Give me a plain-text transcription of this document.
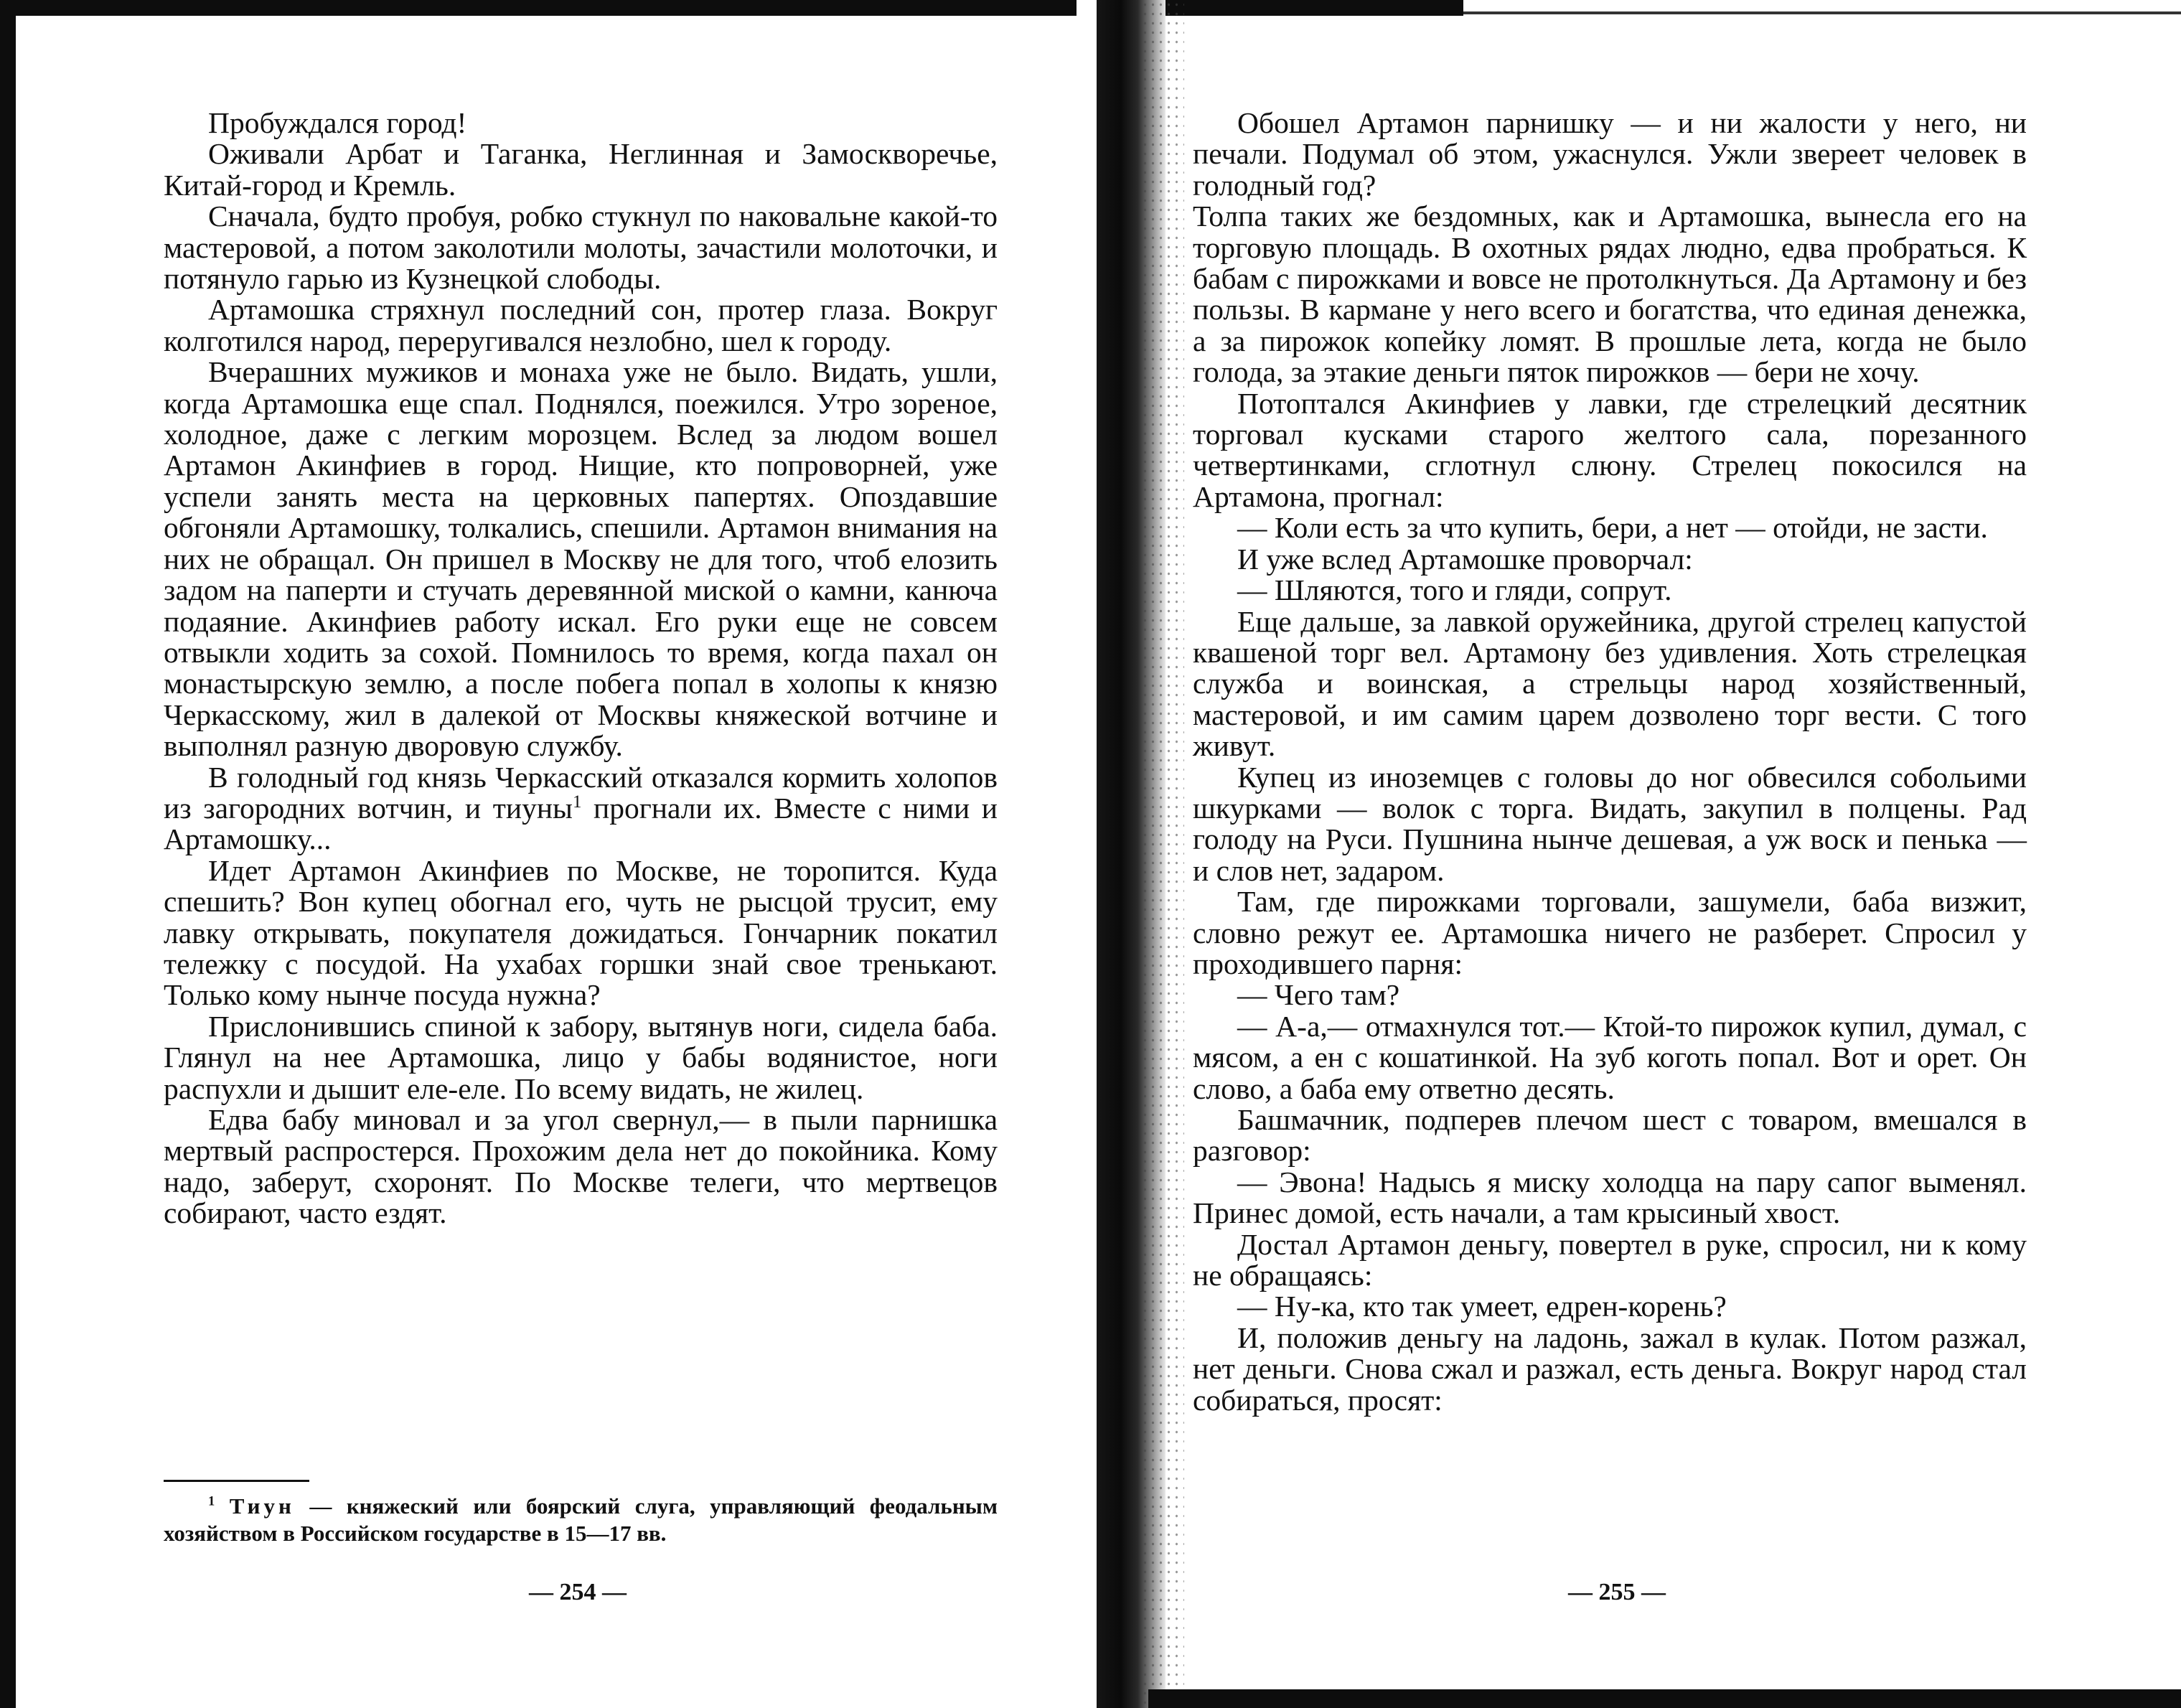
Пробуждался город!

Оживали Арбат и Таганка, Неглинная и Замоскворечье, Китай-город и Кремль.

Сначала, будто пробуя, робко стукнул по наковальне какой-то мастеровой, а потом заколотили молоты, зачастили молоточки, и потянуло гарью из Кузнецкой слободы.

Артамошка стряхнул последний сон, протер глаза. Вокруг колготился народ, переругивался незлобно, шел к городу.

Вчерашних мужиков и монаха уже не было. Видать, ушли, когда Артамошка еще спал. Поднялся, поежился. Утро зореное, холодное, даже с легким морозцем. Вслед за людом вошел Артамон Акинфиев в город. Нищие, кто попроворней, уже успели занять места на церковных папертях. Опоздавшие обгоняли Артамошку, толкались, спешили. Артамон внимания на них не обращал. Он пришел в Москву не для того, чтоб елозить задом на паперти и стучать деревянной миской о камни, канюча подаяние. Акинфиев работу искал. Его руки еще не совсем отвыкли ходить за сохой. Помнилось то время, когда пахал он монастырскую землю, а после побега попал в холопы к князю Черкасскому, жил в далекой от Москвы княжеской вотчине и выполнял разную дворовую службу.

В голодный год князь Черкасский отказался кормить холопов из загородних вотчин, и тиуны$^1$ прогнали их. Вместе с ними и Артамошку...

Идет Артамон Акинфиев по Москве, не торопится. Куда спешить? Вон купец обогнал его, чуть не рысцой трусит, ему лавку открывать, покупателя дожидаться. Гончарник покатил тележку с посудой. На ухабах горшки знай свое тренькают. Только кому нынче посуда нужна?

Прислонившись спиной к забору, вытянув ноги, сидела баба. Глянул на нее Артамошка, лицо у бабы водянистое, ноги распухли и дышит еле-еле. По всему видать, не жилец.

Едва бабу миновал и за угол свернул,— в пыли парнишка мертвый распростерся. Прохожим дела нет до покойника. Кому надо, заберут, схоронят. По Москве телеги, что мертвецов собирают, часто ездят.

$^1$ Тиун — княжеский или боярский слуга, управляющий феодальным хозяйством в Российском государстве в 15—17 вв.
— 254 —

Обошел Артамон парнишку — и ни жалости у него, ни печали. Подумал об этом, ужаснулся. Ужли звереет человек в голодный год?

Толпа таких же бездомных, как и Артамошка, вынесла его на торговую площадь. В охотных рядах людно, едва пробраться. К бабам с пирожками и вовсе не протолкнуться. Да Артамону и без пользы. В кармане у него всего и богатства, что единая денежка, а за пирожок копейку ломят. В прошлые лета, когда не было голода, за этакие деньги пяток пирожков — бери не хочу.

Потоптался Акинфиев у лавки, где стрелецкий десятник торговал кусками старого желтого сала, порезанного четвертинками, сглотнул слюну. Стрелец покосился на Артамона, прогнал:

— Коли есть за что купить, бери, а нет — отойди, не засти.

И уже вслед Артамошке проворчал:

— Шляются, того и гляди, сопрут.

Еще дальше, за лавкой оружейника, другой стрелец капустой квашеной торг вел. Артамону без удивления. Хоть стрелецкая служба и воинская, а стрельцы народ хозяйственный, мастеровой, и им самим царем дозволено торг вести. С того живут.

Купец из иноземцев с головы до ног обвесился собольими шкурками — волок с торга. Видать, закупил в полцены. Рад голоду на Руси. Пушнина нынче дешевая, а уж воск и пенька — и слов нет, задаром.

Там, где пирожками торговали, зашумели, баба визжит, словно режут ее. Артамошка ничего не разберет. Спросил у проходившего парня:

— Чего там?

— А-а,— отмахнулся тот.— Ктой-то пирожок купил, думал, с мясом, а ен с кошатинкой. На зуб коготь попал. Вот и орет. Он слово, а баба ему ответно десять.

Башмачник, подперев плечом шест с товаром, вмешался в разговор:

— Эвона! Надысь я миску холодца на пару сапог выменял. Принес домой, есть начали, а там крысиный хвост.

Достал Артамон деньгу, повертел в руке, спросил, ни к кому не обращаясь:

— Ну-ка, кто так умеет, едрен-корень?

И, положив деньгу на ладонь, зажал в кулак. Потом разжал, нет деньги. Снова сжал и разжал, есть деньга. Вокруг народ стал собираться, просят:

— 255 —
